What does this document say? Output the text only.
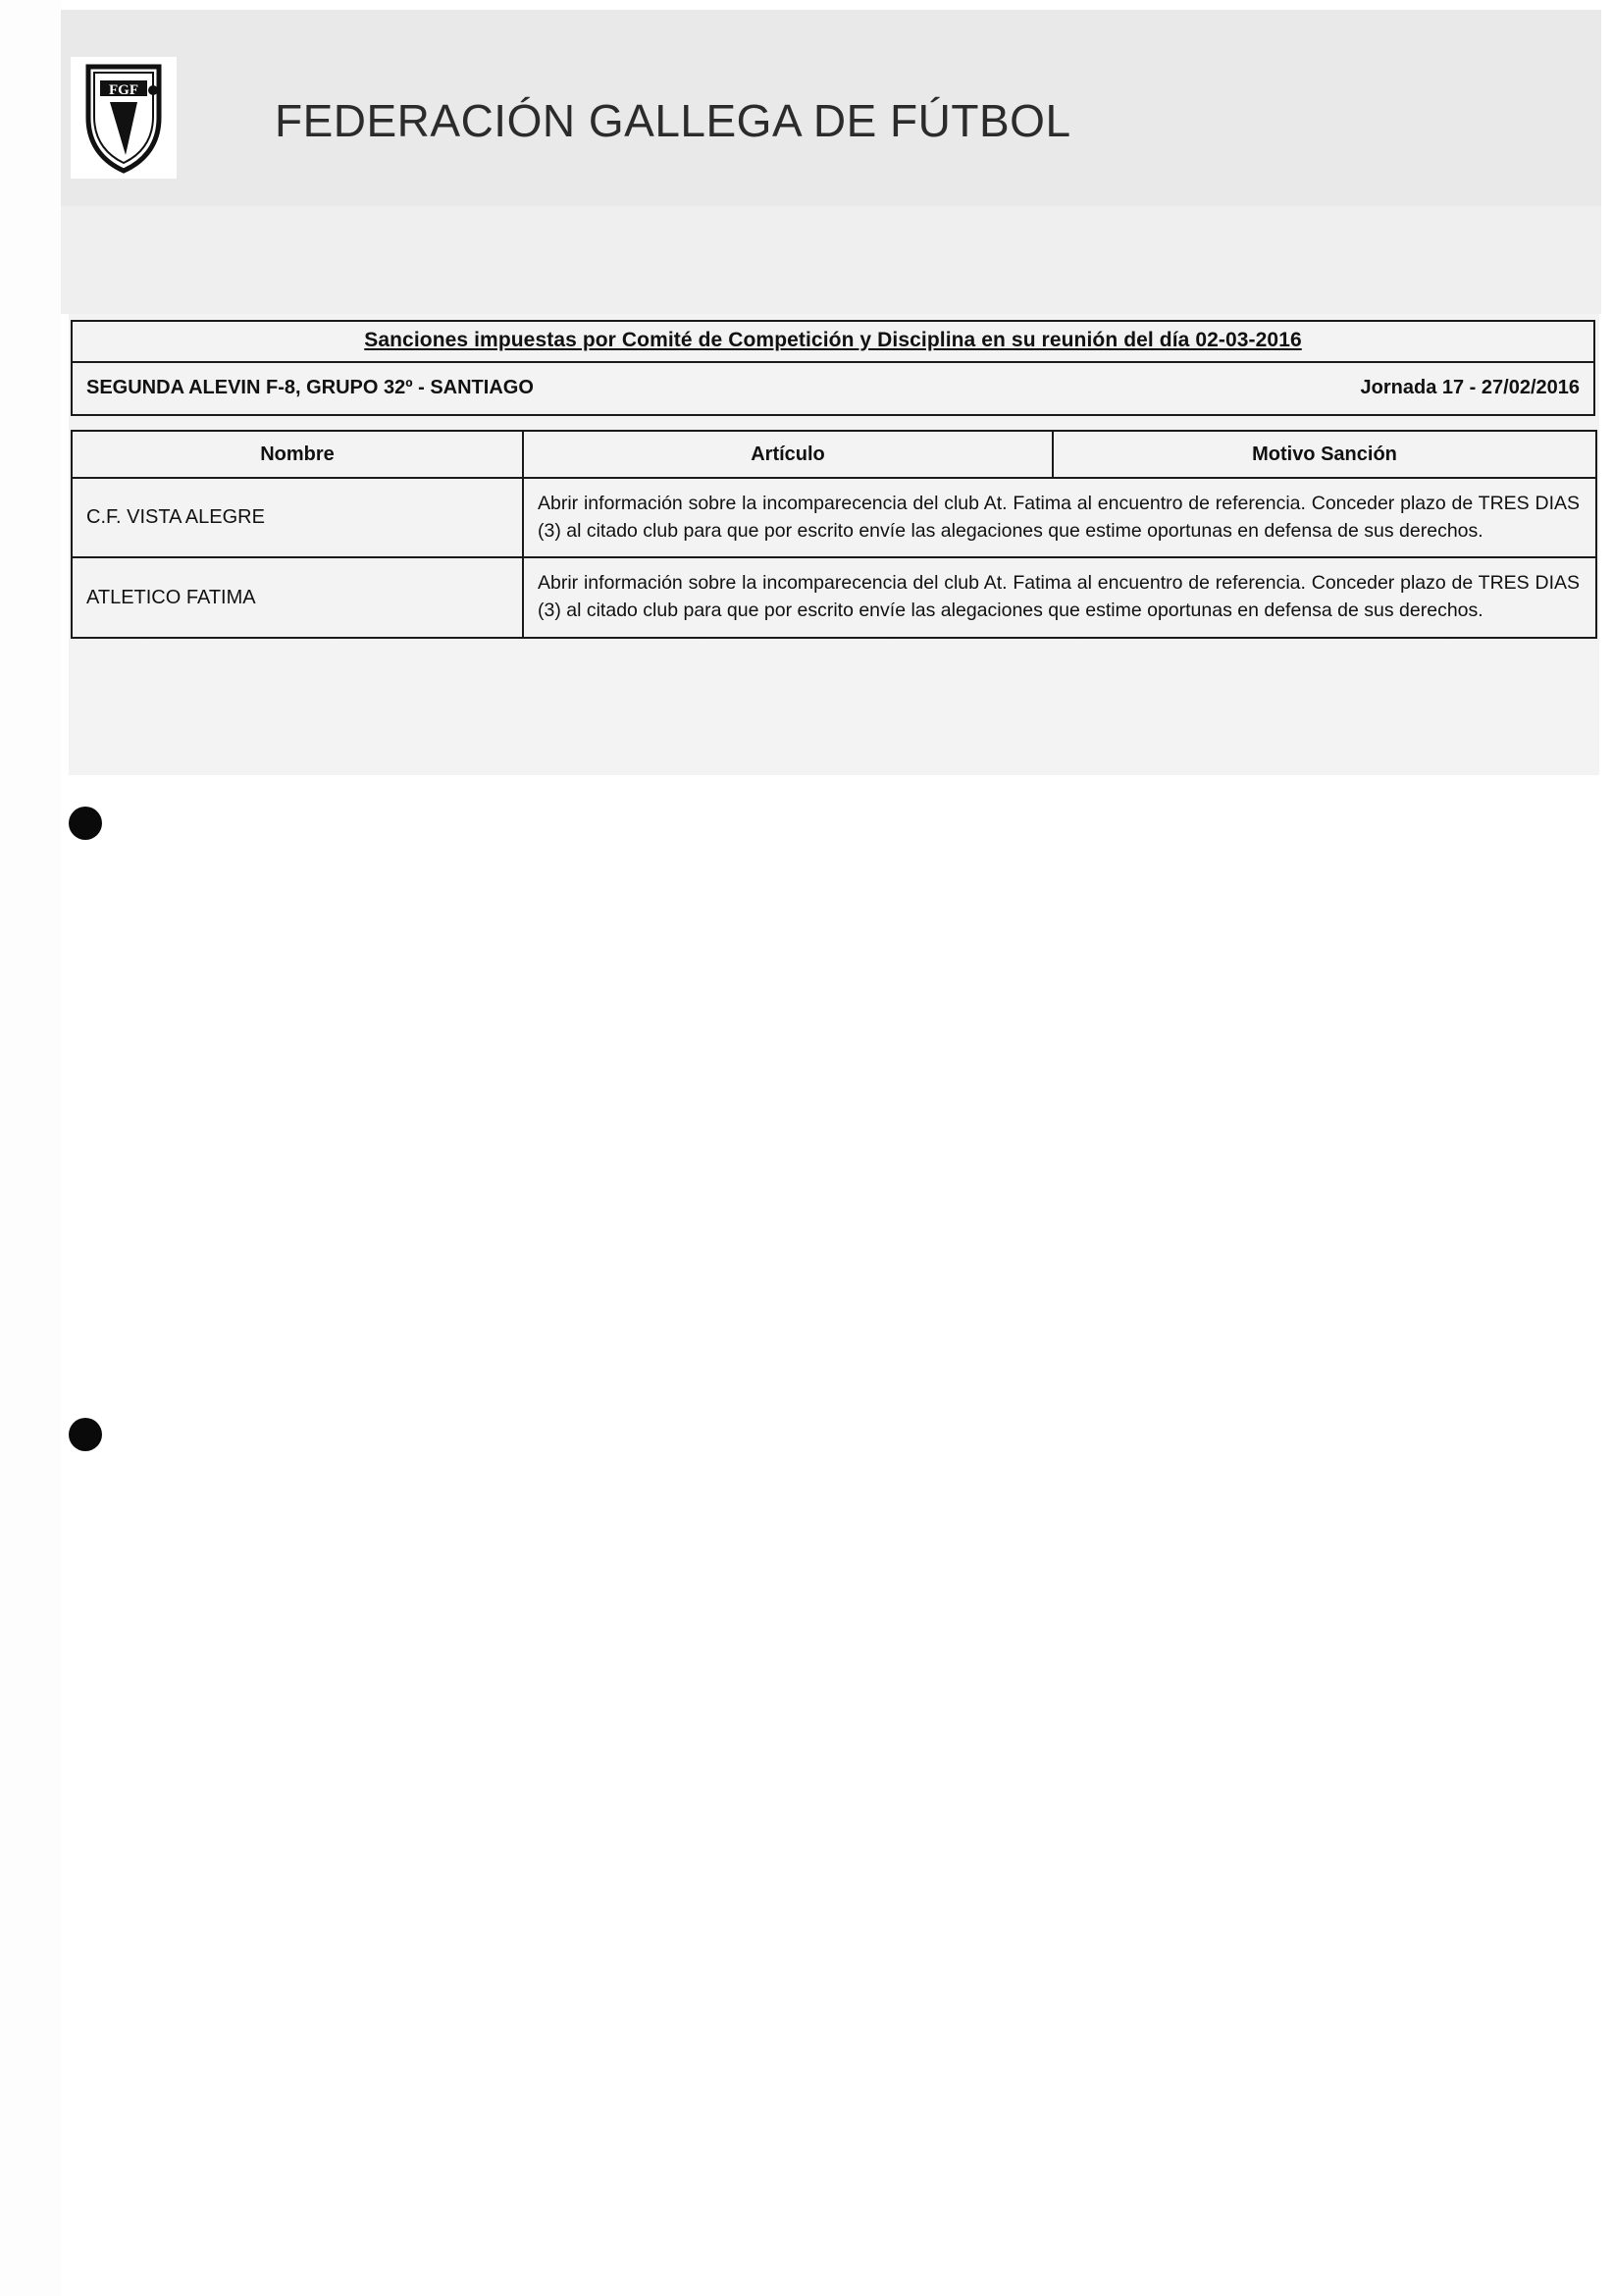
FGF
FEDERACIÓN GALLEGA DE FÚTBOL
Sanciones impuestas por Comité de Competición y Disciplina en su reunión del día 02-03-2016
SEGUNDA ALEVIN F-8, GRUPO 32º - SANTIAGO	Jornada 17 - 27/02/2016
Nombre	Artículo	Motivo Sanción
C.F. VISTA ALEGRE	Abrir información sobre la incomparecencia del club At. Fatima al encuentro de referencia. Conceder plazo de TRES DIAS (3) al citado club para que por escrito envíe las alegaciones que estime oportunas en defensa de sus derechos.	
ATLETICO FATIMA	Abrir información sobre la incomparecencia del club At. Fatima al encuentro de referencia. Conceder plazo de TRES DIAS (3) al citado club para que por escrito envíe las alegaciones que estime oportunas en defensa de sus derechos.	
